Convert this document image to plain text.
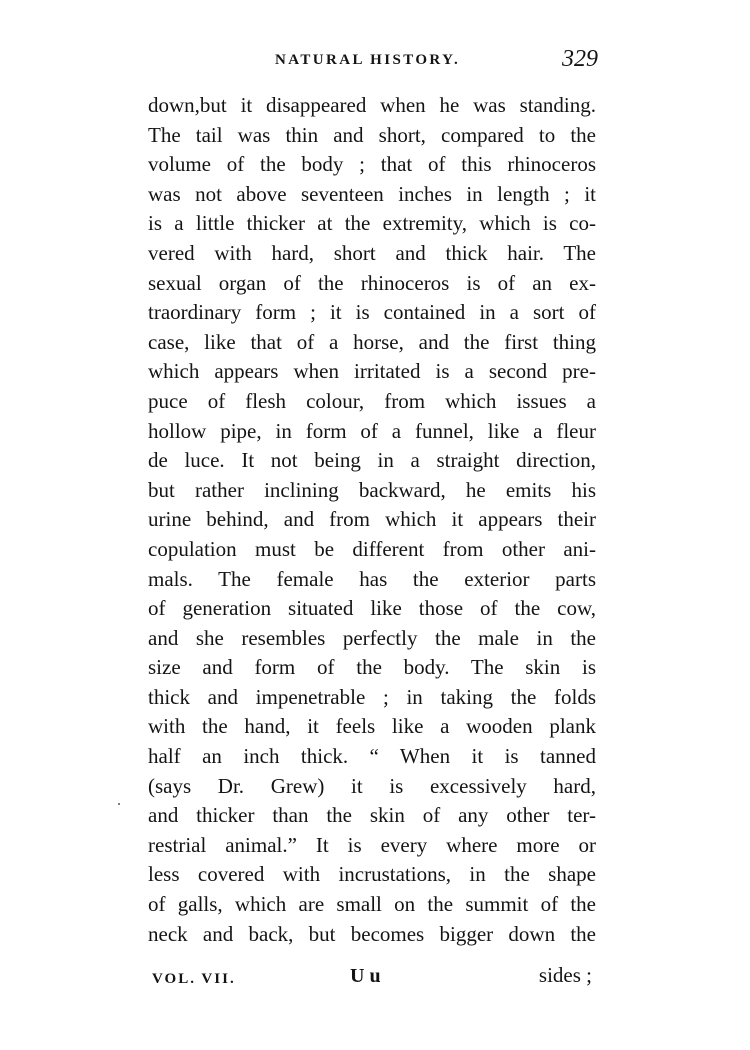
NATURAL HISTORY.	329
down,but it disappeared when he was standing.
The tail was thin and short, compared to the
volume of the body ; that of this rhinoceros
was not above seventeen inches in length ; it
is a little thicker at the extremity, which is co-
vered with hard, short and thick hair. The
sexual organ of the rhinoceros is of an ex-
traordinary form ; it is contained in a sort of
case, like that of a horse, and the first thing
which appears when irritated is a second pre-
puce of flesh colour, from which issues a
hollow pipe, in form of a funnel, like a fleur
de luce. It not being in a straight direction,
but rather inclining backward, he emits his
urine behind, and from which it appears their
copulation must be different from other ani-
mals. The female has the exterior parts
of generation situated like those of the cow,
and she resembles perfectly the male in the
size and form of the body. The skin is
thick and impenetrable ; in taking the folds
with the hand, it feels like a wooden plank
half an inch thick. “ When it is tanned
(says Dr. Grew) it is excessively hard,
and thicker than the skin of any other ter-
restrial animal.” It is every where more or
less covered with incrustations, in the shape
of galls, which are small on the summit of the
neck and back, but becomes bigger down the
VOL. VII.	U u	sides ;
